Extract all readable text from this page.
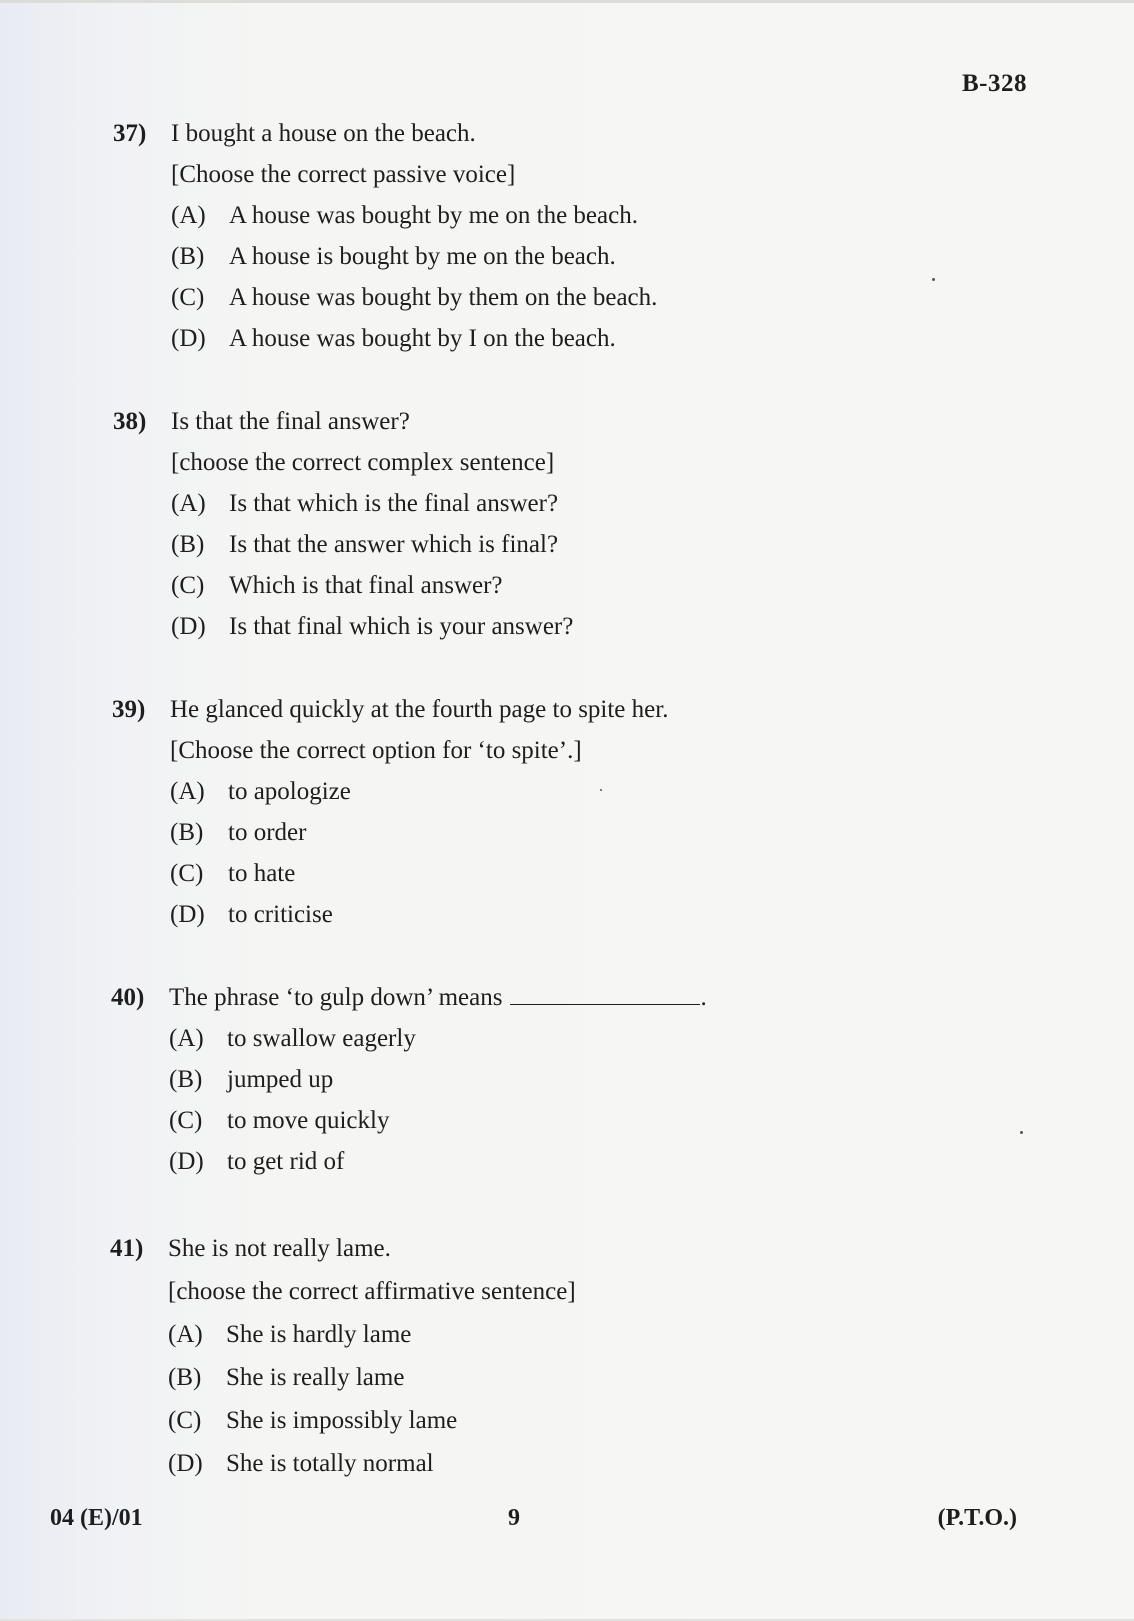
B-328
37) I bought a house on the beach.
[Choose the correct passive voice]
(A) A house was bought by me on the beach.
(B) A house is bought by me on the beach.
(C) A house was bought by them on the beach.
(D) A house was bought by I on the beach.
38) Is that the final answer?
[choose the correct complex sentence]
(A) Is that which is the final answer?
(B) Is that the answer which is final?
(C) Which is that final answer?
(D) Is that final which is your answer?
39) He glanced quickly at the fourth page to spite her.
[Choose the correct option for ‘to spite’.]
(A) to apologize
(B) to order
(C) to hate
(D) to criticise
40) The phrase ‘to gulp down’ means	.
(A) to swallow eagerly
(B) jumped up
(C) to move quickly
(D) to get rid of
41) She is not really lame.
[choose the correct affirmative sentence]
(A) She is hardly lame
(B) She is really lame
(C) She is impossibly lame
(D) She is totally normal
04 (E)/01	9	(P.T.O.)
